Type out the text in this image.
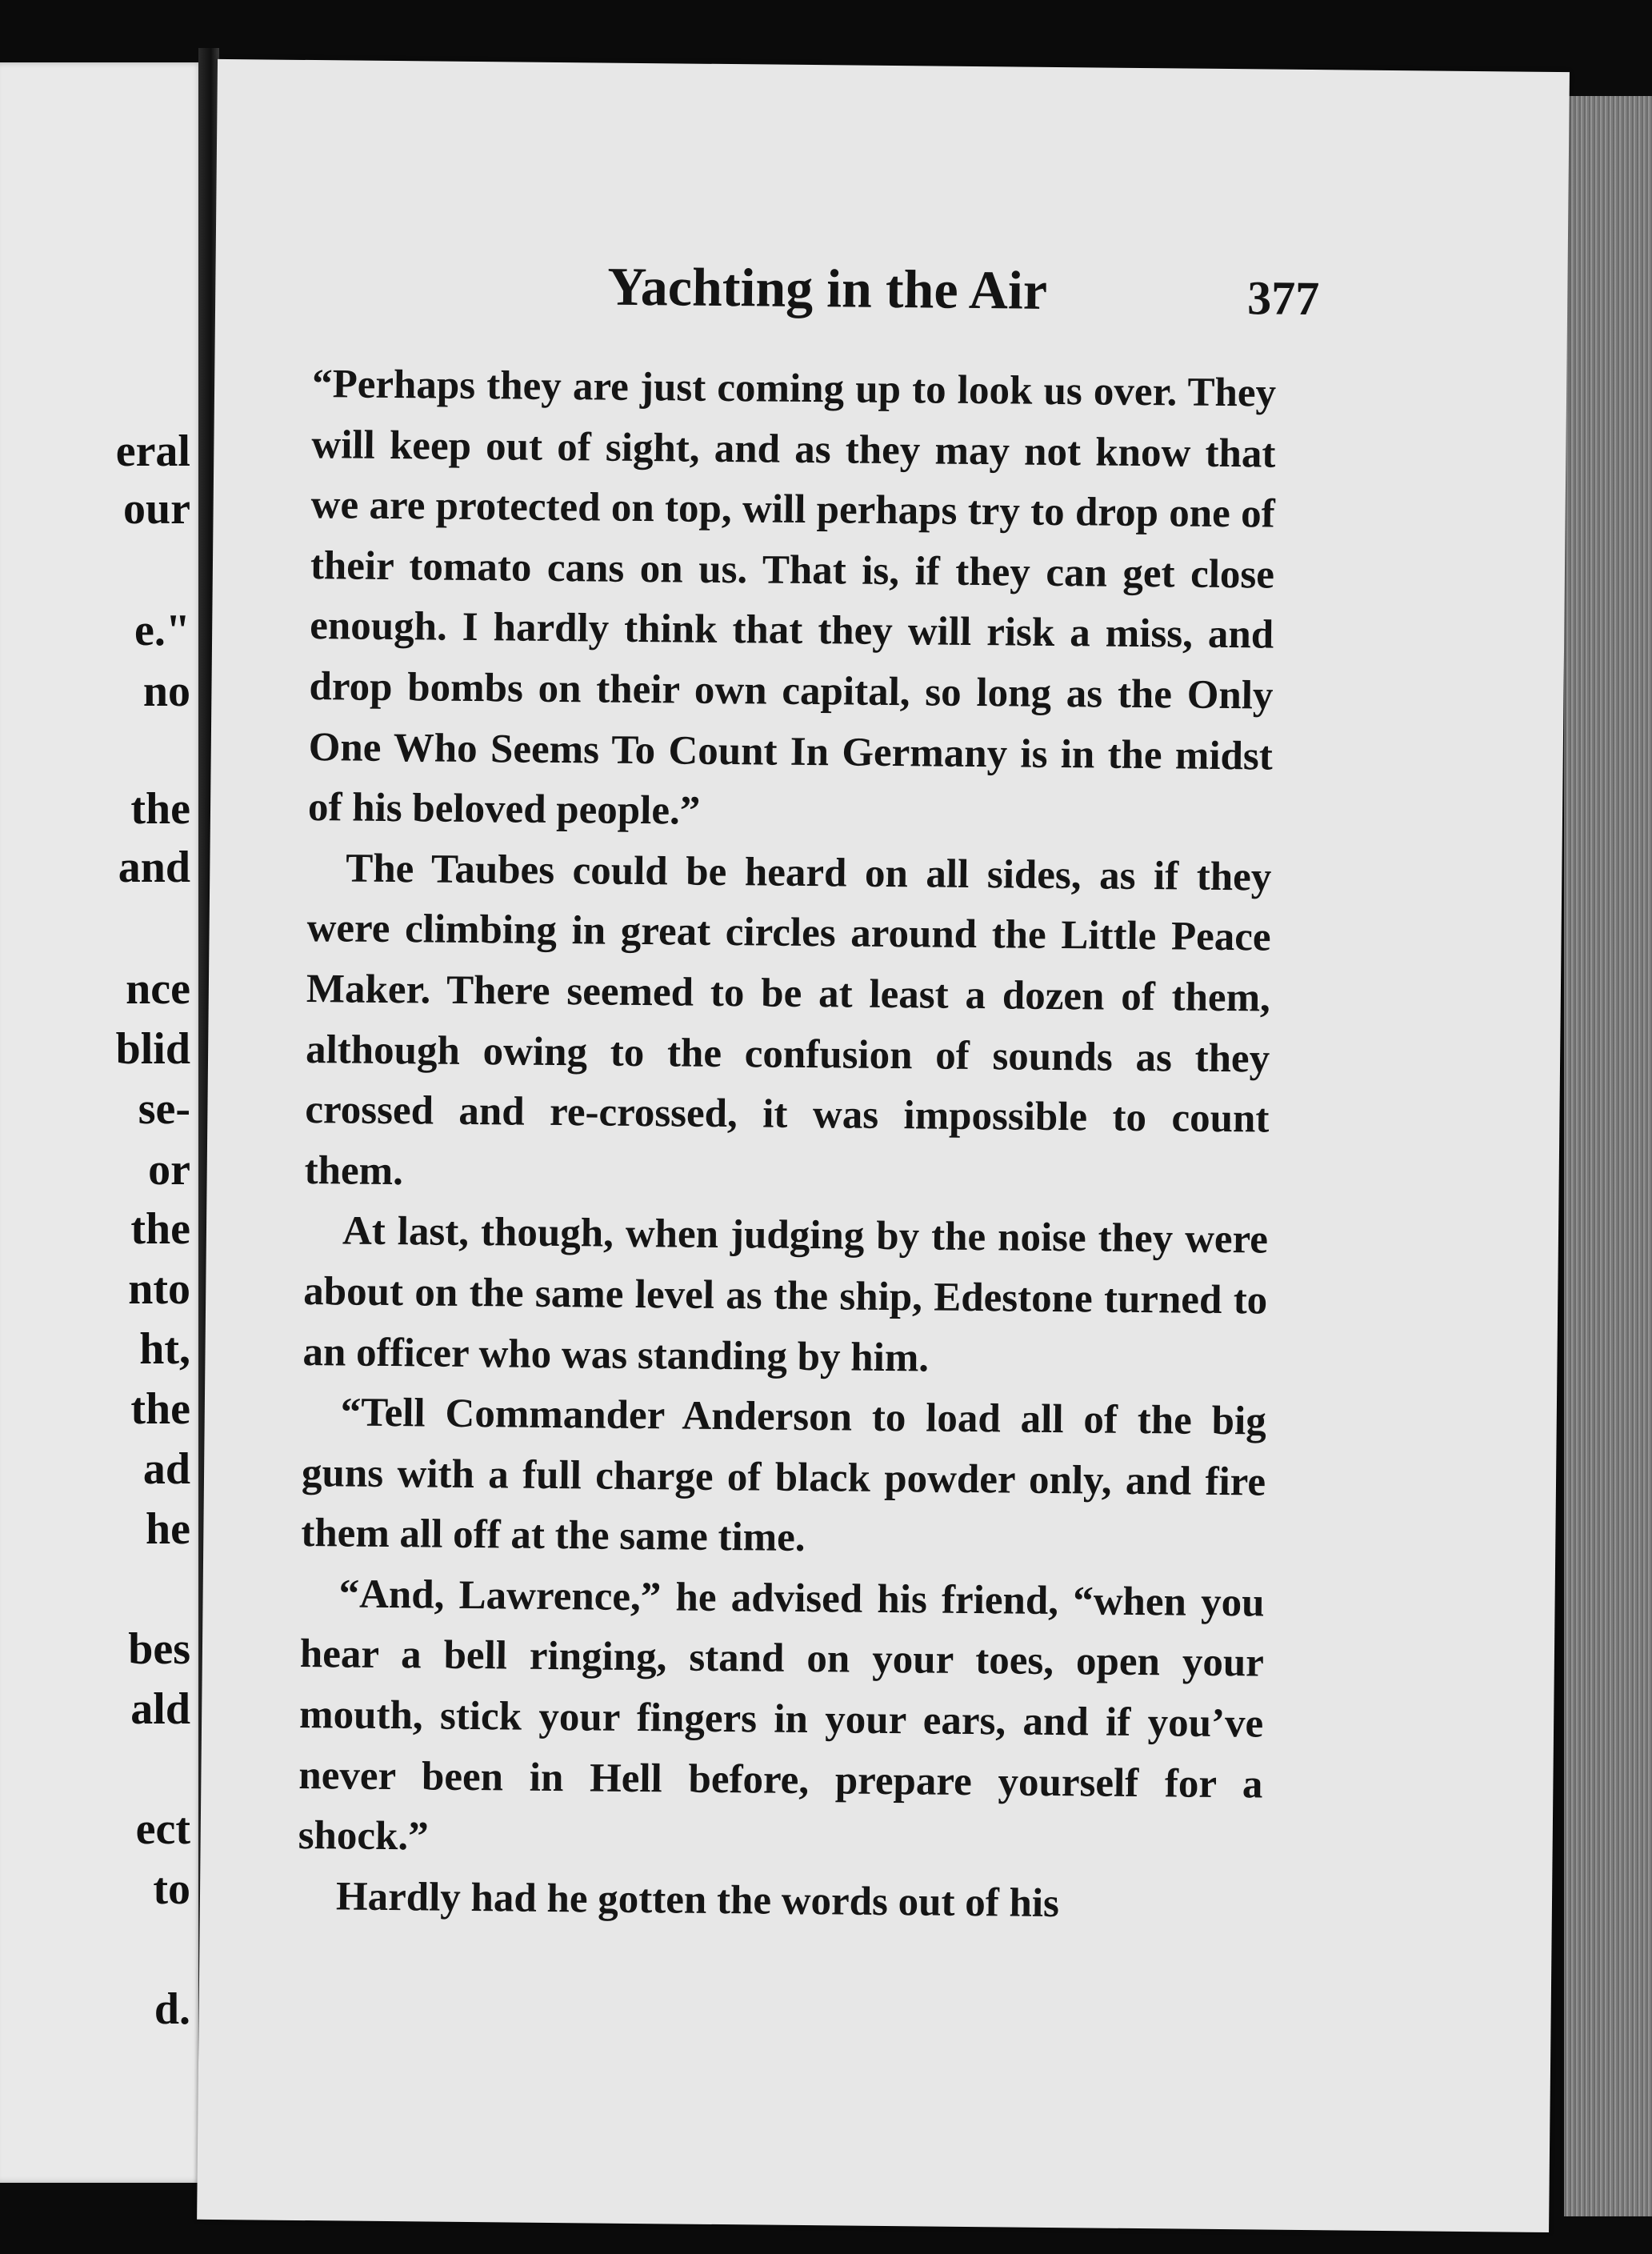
eral
our
e."
no
the
and
nce
blid
se-
or
the
nto
ht,
the
ad
he
bes
ald
ect
to
d.
Yachting in the Air	377

“Perhaps they are just coming up to look us over. They will keep out of sight, and as they may not know that we are protected on top, will perhaps try to drop one of their tomato cans on us. That is, if they can get close enough. I hardly think that they will risk a miss, and drop bombs on their own capital, so long as the Only One Who Seems To Count In Germany is in the midst of his beloved people.”

The Taubes could be heard on all sides, as if they were climbing in great circles around the Little Peace Maker. There seemed to be at least a dozen of them, although owing to the confusion of sounds as they crossed and re-crossed, it was impossible to count them.

At last, though, when judging by the noise they were about on the same level as the ship, Edestone turned to an officer who was standing by him.

“Tell Commander Anderson to load all of the big guns with a full charge of black powder only, and fire them all off at the same time.

“And, Lawrence,” he advised his friend, “when you hear a bell ringing, stand on your toes, open your mouth, stick your fingers in your ears, and if you’ve never been in Hell before, prepare yourself for a shock.”

Hardly had he gotten the words out of his
